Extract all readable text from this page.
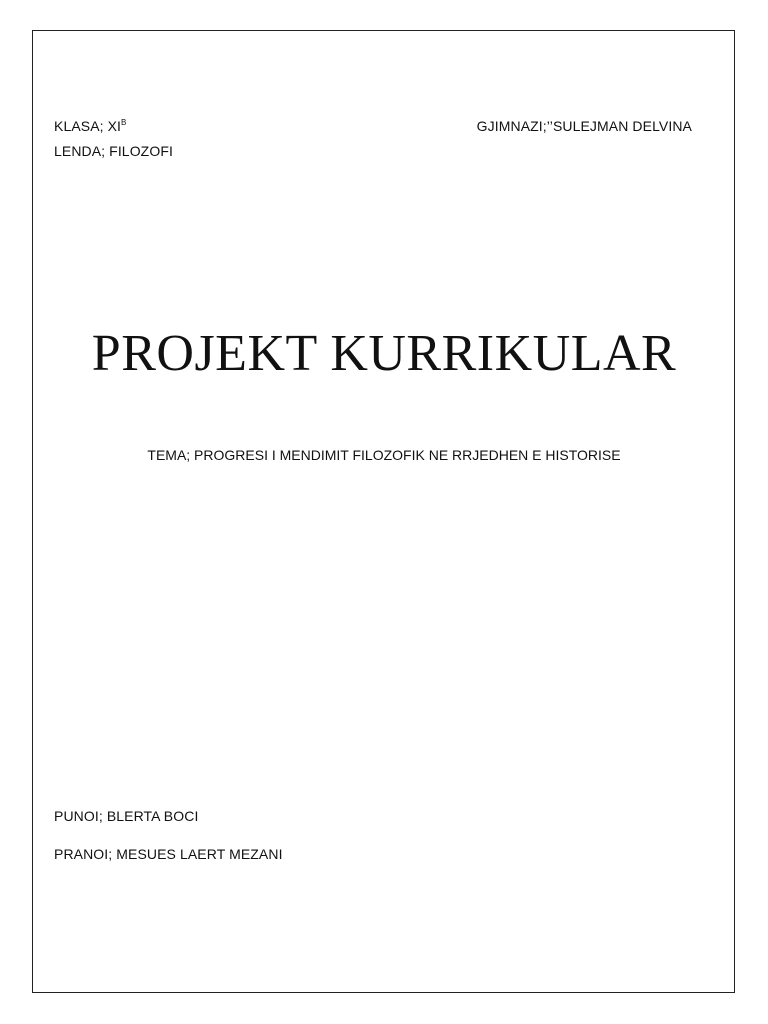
KLASA; $XI^B$
LENDA; FILOZOFI
GJIMNAZI;’’SULEJMAN DELVINA
PROJEKT KURRIKULAR
TEMA; PROGRESI I MENDIMIT FILOZOFIK NE RRJEDHEN E HISTORISE
PUNOI; BLERTA BOCI
PRANOI; MESUES LAERT MEZANI
